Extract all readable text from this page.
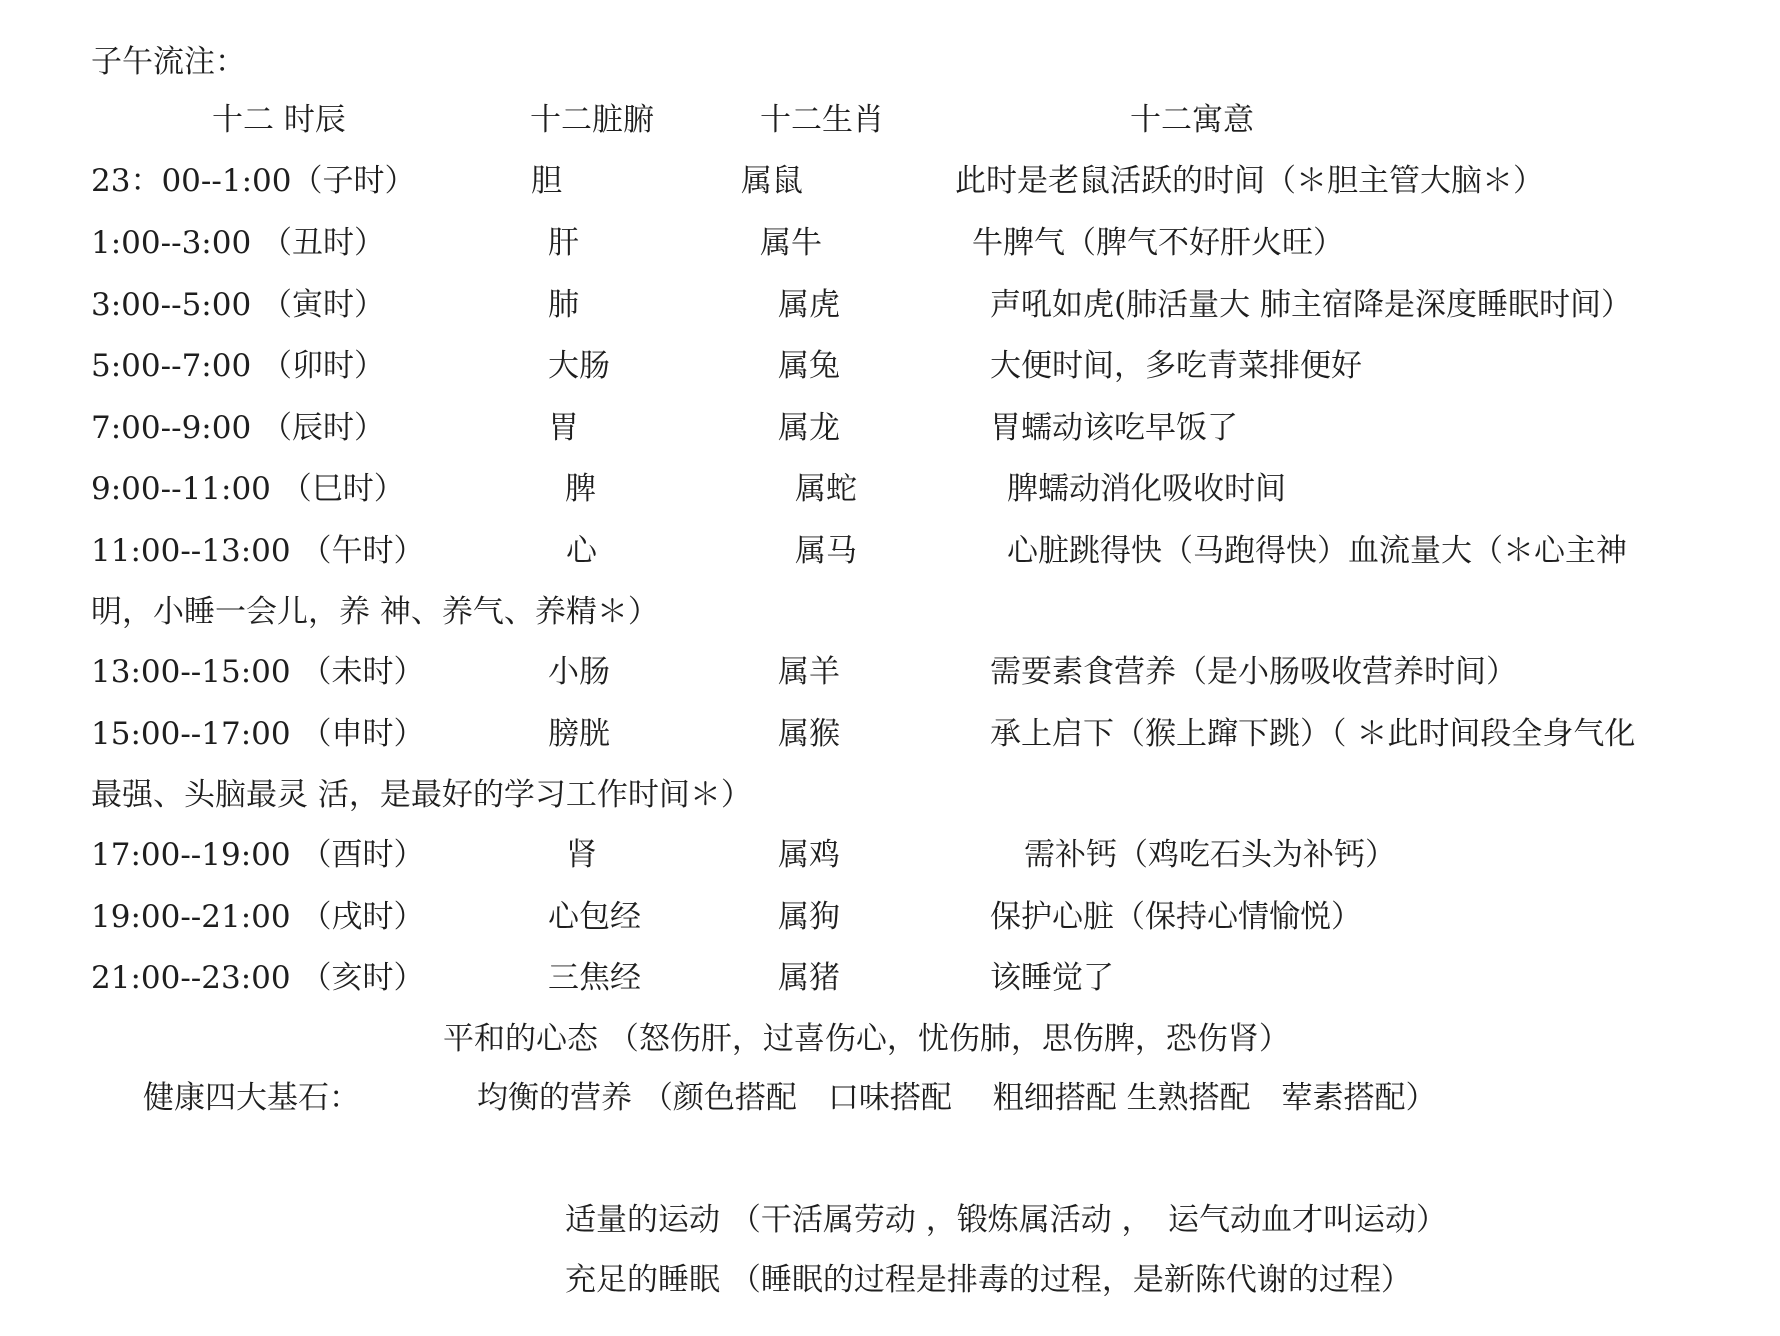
子午流注：
十二 时辰	十二脏腑	十二生肖	十二寓意
23：00--1:00（子时）	胆	属鼠	此时是老鼠活跃的时间（＊胆主管大脑＊）
1:00--3:00 （丑时）	肝	属牛	牛脾气（脾气不好肝火旺）
3:00--5:00 （寅时）	肺	属虎	声吼如虎(肺活量大 肺主宿降是深度睡眠时间）
5:00--7:00 （卯时）	大肠	属兔	大便时间，多吃青菜排便好
7:00--9:00 （辰时）	胃	属龙	胃蠕动该吃早饭了
9:00--11:00 （巳时）	脾	属蛇	脾蠕动消化吸收时间
11:00--13:00 （午时）	心	属马	心脏跳得快（马跑得快）血流量大（＊心主神
明，小睡一会儿，养 神、养气、养精＊）
13:00--15:00 （未时）	小肠	属羊	需要素食营养（是小肠吸收营养时间）
15:00--17:00 （申时）	膀胱	属猴	承上启下（猴上蹿下跳）（ ＊此时间段全身气化
最强、头脑最灵 活，是最好的学习工作时间＊）
17:00--19:00 （酉时）	肾	属鸡	需补钙（鸡吃石头为补钙）
19:00--21:00 （戌时）	心包经	属狗	保护心脏（保持心情愉悦）
21:00--23:00 （亥时）	三焦经	属猪	该睡觉了
平和的心态 （怒伤肝，过喜伤心，忧伤肺，思伤脾，恐伤肾）
健康四大基石：	均衡的营养 （颜色搭配　口味搭配　 粗细搭配 生熟搭配　荤素搭配）
适量的运动 （干活属劳动 ，锻炼属活动 ，　运气动血才叫运动）
充足的睡眠 （睡眠的过程是排毒的过程，是新陈代谢的过程）
